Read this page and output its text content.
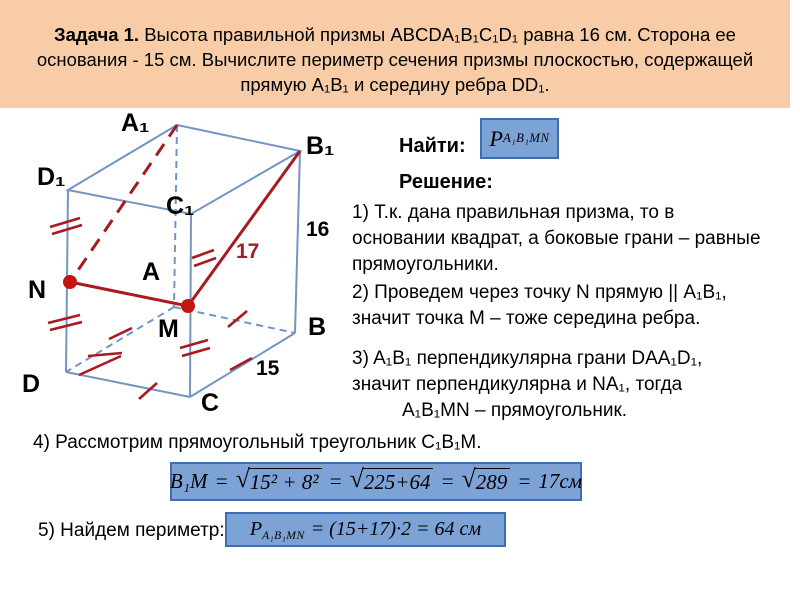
Задача 1. Высота правильной призмы ABCDA₁B₁C₁D₁ равна 16 см. Сторона ее
основания - 15 см. Вычислите периметр сечения призмы плоскостью, содержащей
прямую A₁B₁ и середину ребра DD₁.
A₁
B₁
C₁
D₁
A
B
C
D
N
M
16
15
17
Найти: P A₁B₁MN
Решение:
1) Т.к. дана правильная призма, то в
основании квадрат, а боковые грани – равные
прямоугольники.
2) Проведем через точку N прямую || A₁B₁,
значит точка M – тоже середина ребра.
3) A₁B₁ перпендикулярна грани DAA₁D₁,
значит перпендикулярна и NA₁, тогда
A₁B₁MN – прямоугольник.
4) Рассмотрим прямоугольный треугольник C₁B₁M.
B₁M = √ 15² + 8² = √ 225+64 = √ 289 = 17см
5) Найдем периметр: PA₁B₁MN = (15+17)·2 = 64 см
